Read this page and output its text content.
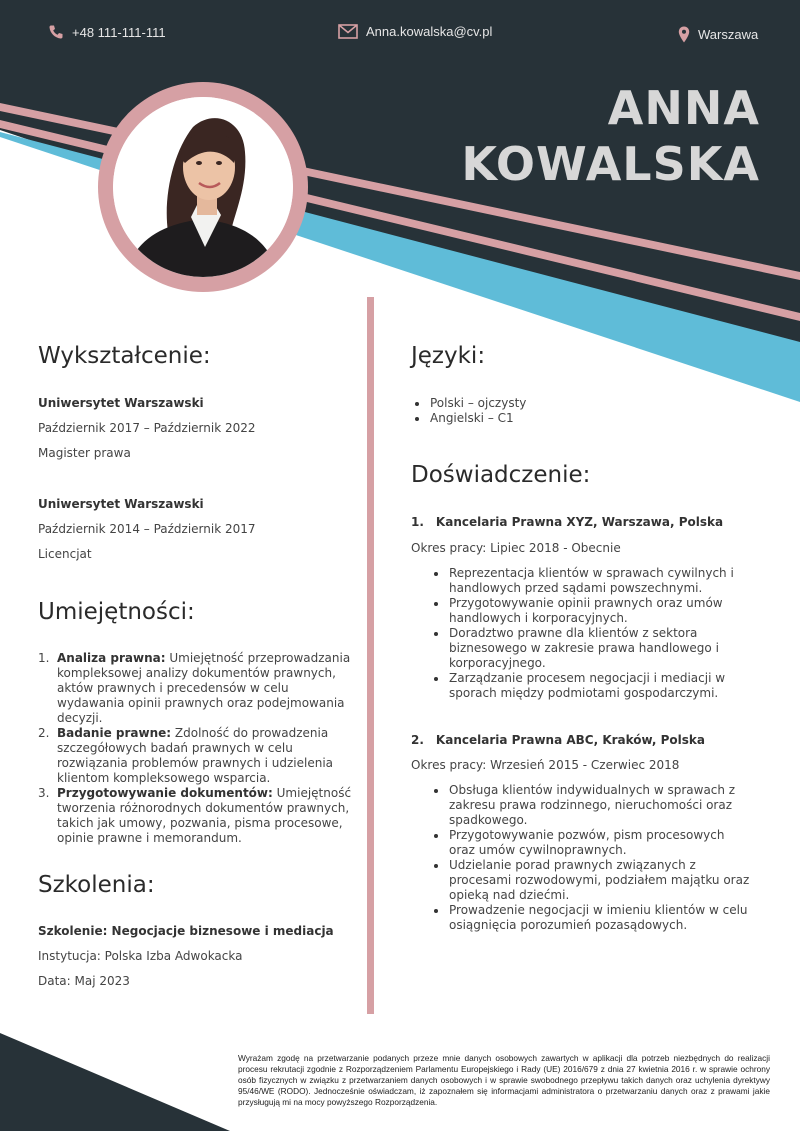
+48 111-111-111	Anna.kowalska@cv.pl	Warszawa
ANNA
KOWALSKA
Wykształcenie:

Uniwersytet Warszawski

Październik 2017 – Październik 2022

Magister prawa

Uniwersytet Warszawski

Październik 2014 – Październik 2017

Licencjat

Umiejętności:
1. Analiza prawna: Umiejętność przeprowadzania kompleksowej analizy dokumentów prawnych, aktów prawnych i precedensów w celu wydawania opinii prawnych oraz podejmowania decyzji.
2. Badanie prawne: Zdolność do prowadzenia szczegółowych badań prawnych w celu rozwiązania problemów prawnych i udzielenia klientom kompleksowego wsparcia.
3. Przygotowywanie dokumentów: Umiejętność tworzenia różnorodnych dokumentów prawnych, takich jak umowy, pozwania, pisma procesowe, opinie prawne i memorandum.
Szkolenia:

Szkolenie: Negocjacje biznesowe i mediacja

Instytucja: Polska Izba Adwokacka

Data: Maj 2023

Języki:
Polski – ojczysty
Angielski – C1
Doświadczenie:

1. Kancelaria Prawna XYZ, Warszawa, Polska

Okres pracy: Lipiec 2018 - Obecnie

Reprezentacja klientów w sprawach cywilnych i handlowych przed sądami powszechnymi.
Przygotowywanie opinii prawnych oraz umów handlowych i korporacyjnych.
Doradztwo prawne dla klientów z sektora biznesowego w zakresie prawa handlowego i korporacyjnego.
Zarządzanie procesem negocjacji i mediacji w sporach między podmiotami gospodarczymi.

2. Kancelaria Prawna ABC, Kraków, Polska

Okres pracy: Wrzesień 2015 - Czerwiec 2018

Obsługa klientów indywidualnych w sprawach z zakresu prawa rodzinnego, nieruchomości oraz spadkowego.
Przygotowywanie pozwów, pism procesowych oraz umów cywilnoprawnych.
Udzielanie porad prawnych związanych z procesami rozwodowymi, podziałem majątku oraz opieką nad dziećmi.
Prowadzenie negocjacji w imieniu klientów w celu osiągnięcia porozumień pozasądowych.

Wyrażam zgodę na przetwarzanie podanych przeze mnie danych osobowych zawartych w aplikacji dla potrzeb niezbędnych do realizacji procesu rekrutacji zgodnie z Rozporządzeniem Parlamentu Europejskiego i Rady (UE) 2016/679 z dnia 27 kwietnia 2016 r. w sprawie ochrony osób fizycznych w związku z przetwarzaniem danych osobowych i w sprawie swobodnego przepływu takich danych oraz uchylenia dyrektywy 95/46/WE (RODO). Jednocześnie oświadczam, iż zapoznałem się informacjami administratora o przetwarzaniu danych oraz z prawami jakie przysługują mi na mocy powyższego Rozporządzenia.
